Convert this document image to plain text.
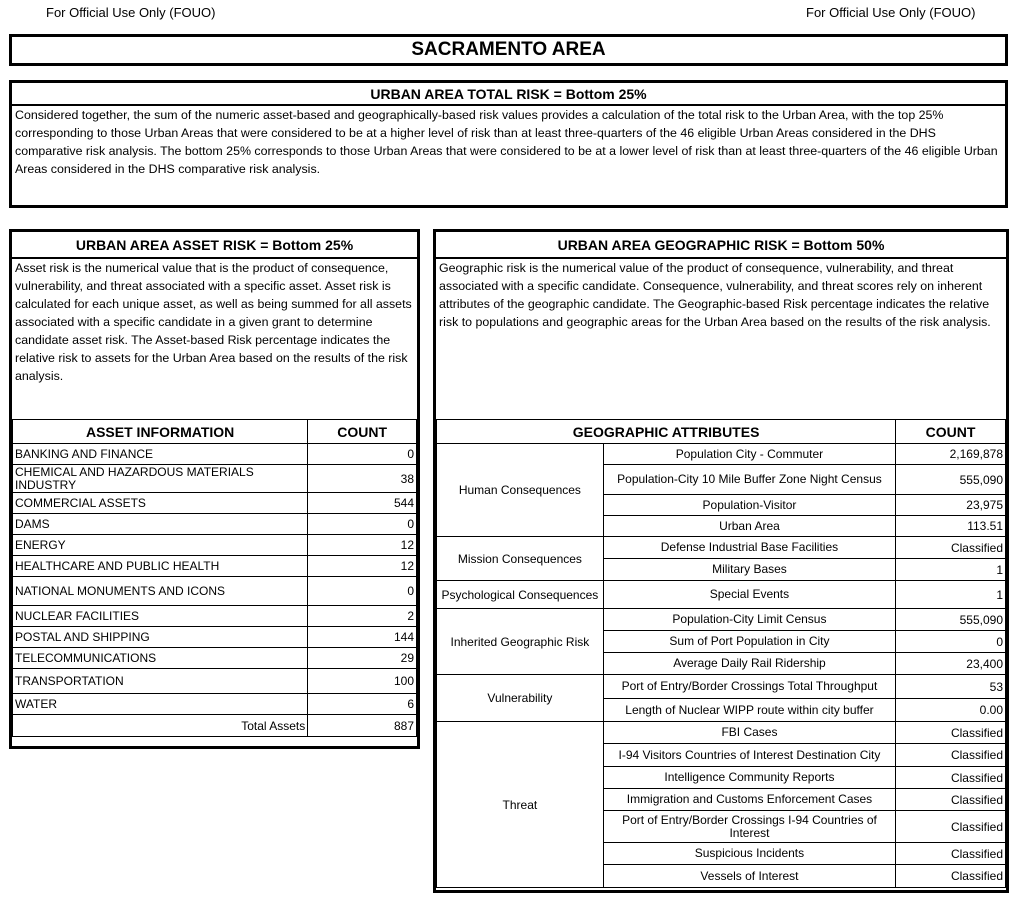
For Official Use Only (FOUO)	For Official Use Only (FOUO)
SACRAMENTO AREA
URBAN AREA TOTAL RISK = Bottom 25%
Considered together, the sum of the numeric asset-based and geographically-based risk values provides a calculation of the total risk to the Urban Area, with the top 25% corresponding to those Urban Areas that were considered to be at a higher level of risk than at least three-quarters of the 46 eligible Urban Areas considered in the DHS comparative risk analysis. The bottom 25% corresponds to those Urban Areas that were considered to be at a lower level of risk than at least three-quarters of the 46 eligible Urban Areas considered in the DHS comparative risk analysis.
URBAN AREA ASSET RISK = Bottom 25%
Asset risk is the numerical value that is the product of consequence, vulnerability, and threat associated with a specific asset. Asset risk is calculated for each unique asset, as well as being summed for all assets associated with a specific candidate in a given grant to determine candidate asset risk. The Asset-based Risk percentage indicates the relative risk to assets for the Urban Area based on the results of the risk analysis.
ASSET INFORMATION	COUNT
BANKING AND FINANCE	0
CHEMICAL AND HAZARDOUS MATERIALS INDUSTRY	38
COMMERCIAL ASSETS	544
DAMS	0
ENERGY	12
HEALTHCARE AND PUBLIC HEALTH	12
NATIONAL MONUMENTS AND ICONS	0
NUCLEAR FACILITIES	2
POSTAL AND SHIPPING	144
TELECOMMUNICATIONS	29
TRANSPORTATION	100
WATER	6
Total Assets	887
URBAN AREA GEOGRAPHIC RISK = Bottom 50%
Geographic risk is the numerical value of the product of consequence, vulnerability, and threat associated with a specific candidate. Consequence, vulnerability, and threat scores rely on inherent attributes of the geographic candidate. The Geographic-based Risk percentage indicates the relative risk to populations and geographic areas for the Urban Area based on the results of the risk analysis.
GEOGRAPHIC ATTRIBUTES		COUNT
Human Consequences	Population City - Commuter	2,169,878
	Population-City 10 Mile Buffer Zone Night Census	555,090
	Population-Visitor	23,975
	Urban Area	113.51
Mission Consequences	Defense Industrial Base Facilities	Classified
	Military Bases	1
Psychological Consequences	Special Events	1
Inherited Geographic Risk	Population-City Limit Census	555,090
	Sum of Port Population in City	0
	Average Daily Rail Ridership	23,400
Vulnerability	Port of Entry/Border Crossings Total Throughput	53
	Length of Nuclear WIPP route within city buffer	0.00
Threat	FBI Cases	Classified
	I-94 Visitors Countries of Interest Destination City	Classified
	Intelligence Community Reports	Classified
	Immigration and Customs Enforcement Cases	Classified
	Port of Entry/Border Crossings I-94 Countries of Interest	Classified
	Suspicious Incidents	Classified
	Vessels of Interest	Classified
